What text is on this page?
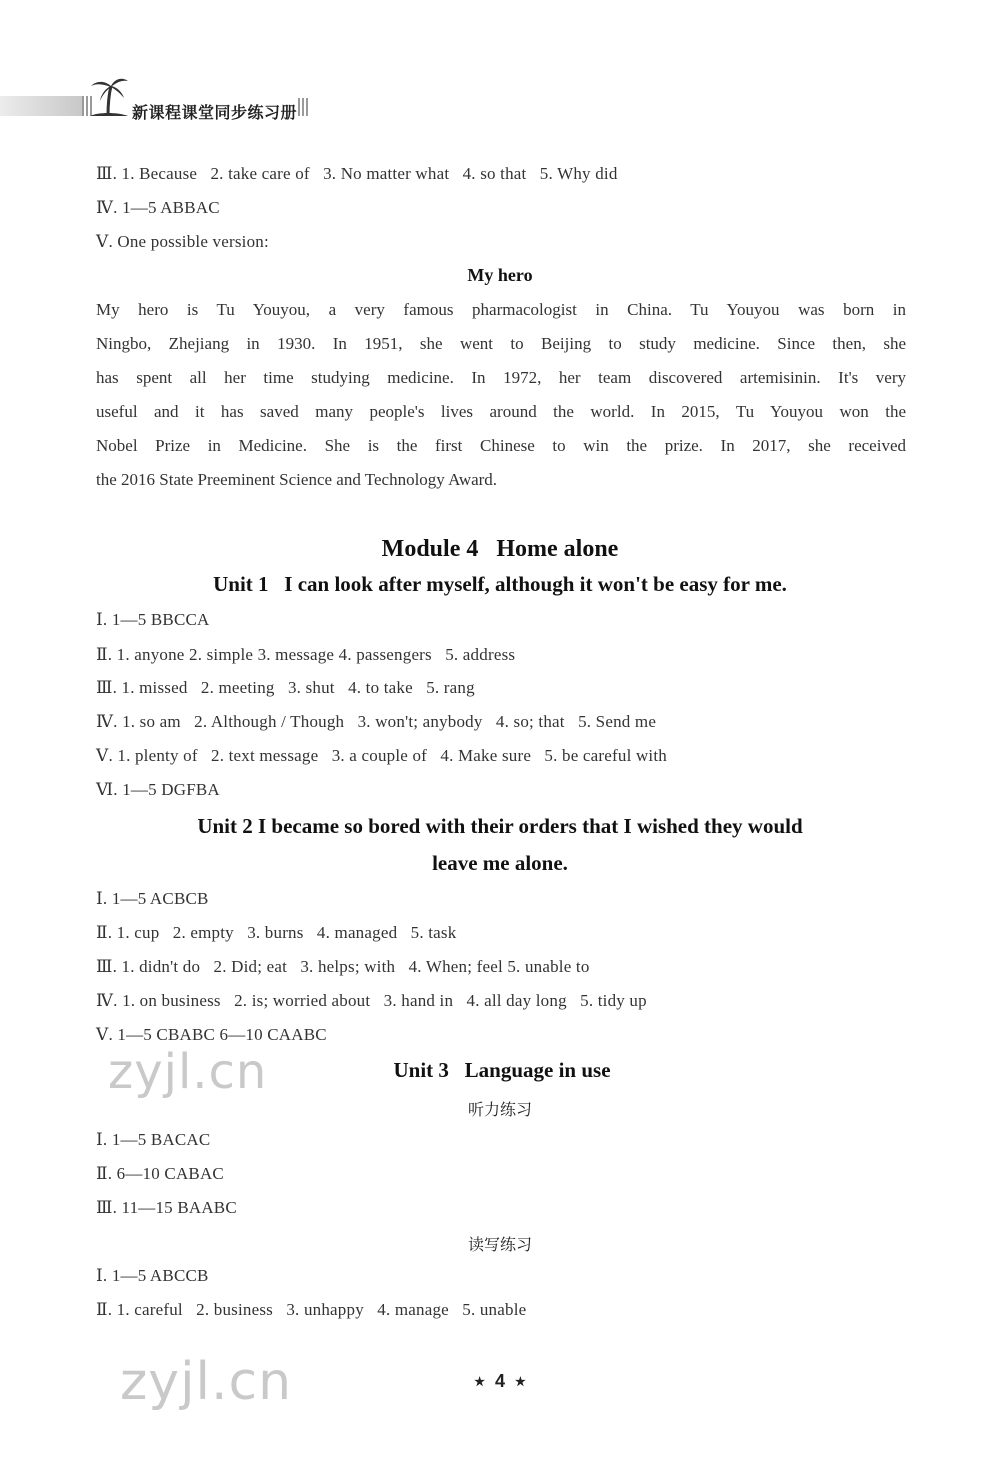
新课程课堂同步练习册
Ⅲ. 1. Because   2. take care of   3. No matter what   4. so that   5. Why did
Ⅳ. 1—5 ABBAC
Ⅴ. One possible version:
My hero
My hero is Tu Youyou, a very famous pharmacologist in China. Tu Youyou was born in
Ningbo, Zhejiang in 1930. In 1951, she went to Beijing to study medicine. Since then, she
has spent all her time studying medicine. In 1972, her team discovered artemisinin. It's very
useful and it has saved many people's lives around the world. In 2015, Tu Youyou won the
Nobel Prize in Medicine. She is the first Chinese to win the prize. In 2017, she received
the 2016 State Preeminent Science and Technology Award.
Module 4   Home alone
Unit 1   I can look after myself, although it won't be easy for me.
Ⅰ. 1—5 BBCCA
Ⅱ. 1. anyone 2. simple 3. message 4. passengers   5. address
Ⅲ. 1. missed   2. meeting   3. shut   4. to take   5. rang
Ⅳ. 1. so am   2. Although / Though   3. won't; anybody   4. so; that   5. Send me
Ⅴ. 1. plenty of   2. text message   3. a couple of   4. Make sure   5. be careful with
Ⅵ. 1—5 DGFBA
Unit 2 I became so bored with their orders that I wished they would
leave me alone.
Ⅰ. 1—5 ACBCB
Ⅱ. 1. cup   2. empty   3. burns   4. managed   5. task
Ⅲ. 1. didn't do   2. Did; eat   3. helps; with   4. When; feel 5. unable to
Ⅳ. 1. on business   2. is; worried about   3. hand in   4. all day long   5. tidy up
Ⅴ. 1—5 CBABC 6—10 CAABC
zyjl.cn	Unit 3   Language in use
听力练习
Ⅰ. 1—5 BACAC
Ⅱ. 6—10 CABAC
Ⅲ. 11—15 BAABC
读写练习
Ⅰ. 1—5 ABCCB
Ⅱ. 1. careful   2. business   3. unhappy   4. manage   5. unable
zyjl.cn	★ 4 ★
